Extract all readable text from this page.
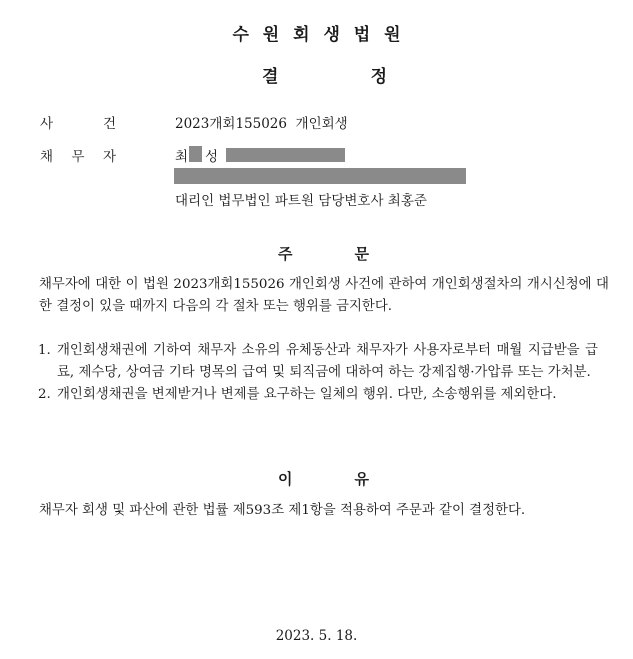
수 원 회 생 법 원
결	정
사	건	2023개회155026  개인회생
채 무 자	최 성
대리인 법무법인 파트원 담당변호사 최홍준
주	문
채무자에 대한 이 법원 2023개회155026 개인회생 사건에 관하여 개인회생절차의 개시신청에 대한 결정이 있을 때까지 다음의 각 절차 또는 행위를 금지한다.
1. 개인회생채권에 기하여 채무자 소유의 유체동산과 채무자가 사용자로부터 매월 지급받을 급료, 제수당, 상여금 기타 명목의 급여 및 퇴직금에 대하여 하는 강제집행·가압류 또는 가처분.
2. 개인회생채권을 변제받거나 변제를 요구하는 일체의 행위. 다만, 소송행위를 제외한다.
이	유
채무자 회생 및 파산에 관한 법률 제593조 제1항을 적용하여 주문과 같이 결정한다.
2023. 5. 18.
